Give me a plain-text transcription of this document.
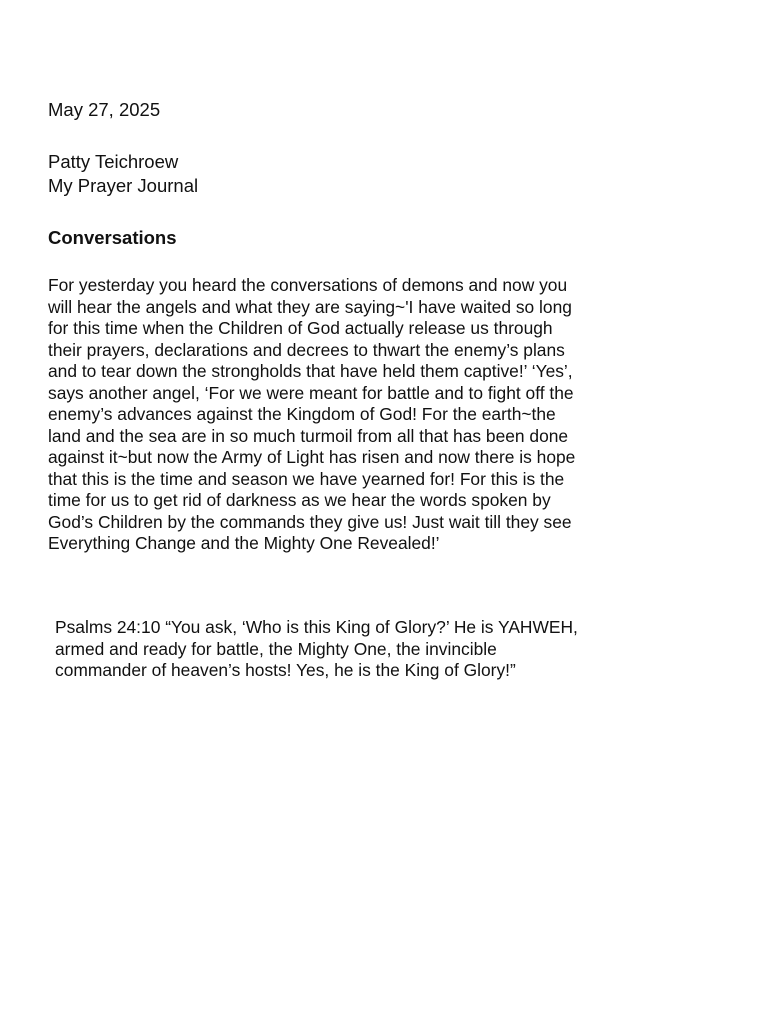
May 27, 2025
Patty Teichroew
My Prayer Journal
Conversations
For yesterday you heard the conversations of demons and now you
will hear the angels and what they are saying~'I have waited so long
for this time when the Children of God actually release us through
their prayers, declarations and decrees to thwart the enemy’s plans
and to tear down the strongholds that have held them captive!’ ‘Yes’,
says another angel, ‘For we were meant for battle and to fight off the
enemy’s advances against the Kingdom of God! For the earth~the
land and the sea are in so much turmoil from all that has been done
against it~but now the Army of Light has risen and now there is hope
that this is the time and season we have yearned for! For this is the
time for us to get rid of darkness as we hear the words spoken by
God’s Children by the commands they give us! Just wait till they see
Everything Change and the Mighty One Revealed!’
Psalms 24:10 “You ask, ‘Who is this King of Glory?’ He is YAHWEH,
armed and ready for battle, the Mighty One, the invincible
commander of heaven’s hosts! Yes, he is the King of Glory!”
